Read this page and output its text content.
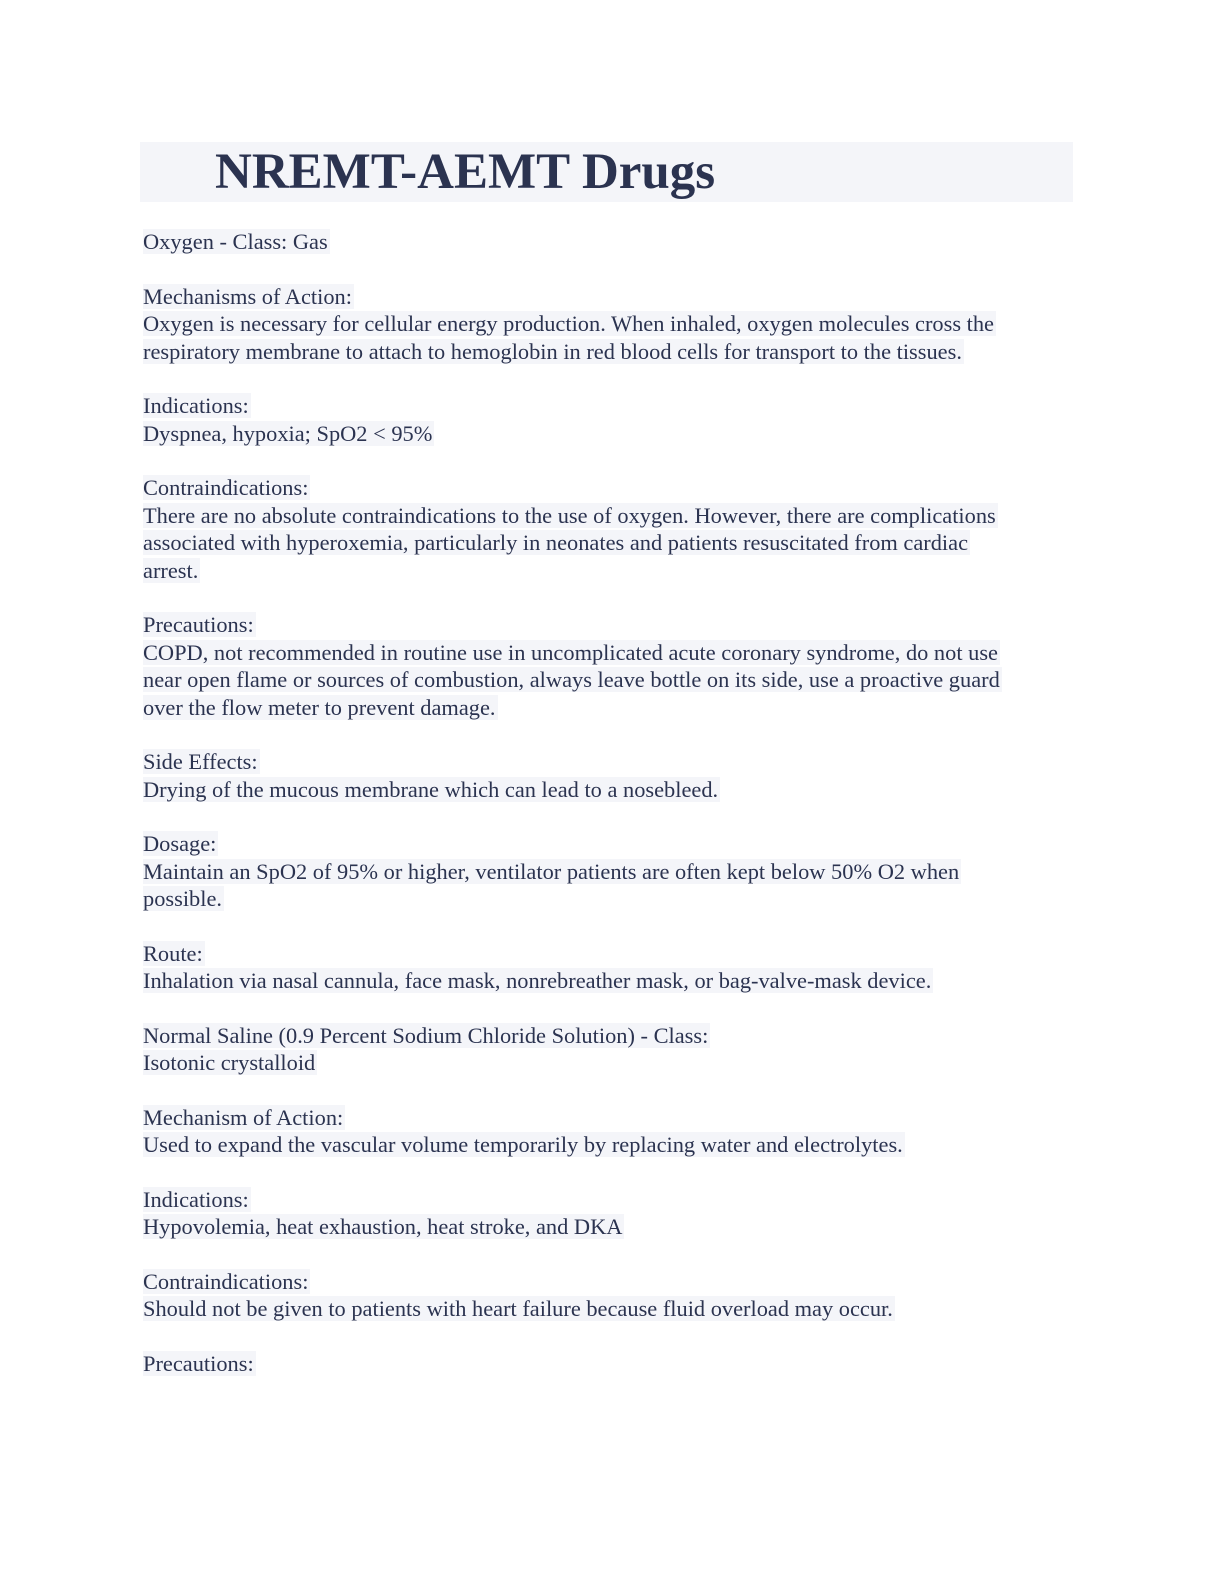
NREMT-AEMT Drugs
Oxygen - Class: Gas
Mechanisms of Action:
Oxygen is necessary for cellular energy production. When inhaled, oxygen molecules cross the
respiratory membrane to attach to hemoglobin in red blood cells for transport to the tissues.
Indications:
Dyspnea, hypoxia; SpO2 < 95%
Contraindications:
There are no absolute contraindications to the use of oxygen. However, there are complications
associated with hyperoxemia, particularly in neonates and patients resuscitated from cardiac
arrest.
Precautions:
COPD, not recommended in routine use in uncomplicated acute coronary syndrome, do not use
near open flame or sources of combustion, always leave bottle on its side, use a proactive guard
over the flow meter to prevent damage.
Side Effects:
Drying of the mucous membrane which can lead to a nosebleed.
Dosage:
Maintain an SpO2 of 95% or higher, ventilator patients are often kept below 50% O2 when
possible.
Route:
Inhalation via nasal cannula, face mask, nonrebreather mask, or bag-valve-mask device.
Normal Saline (0.9 Percent Sodium Chloride Solution) - Class:
Isotonic crystalloid
Mechanism of Action:
Used to expand the vascular volume temporarily by replacing water and electrolytes.
Indications:
Hypovolemia, heat exhaustion, heat stroke, and DKA
Contraindications:
Should not be given to patients with heart failure because fluid overload may occur.
Precautions:
